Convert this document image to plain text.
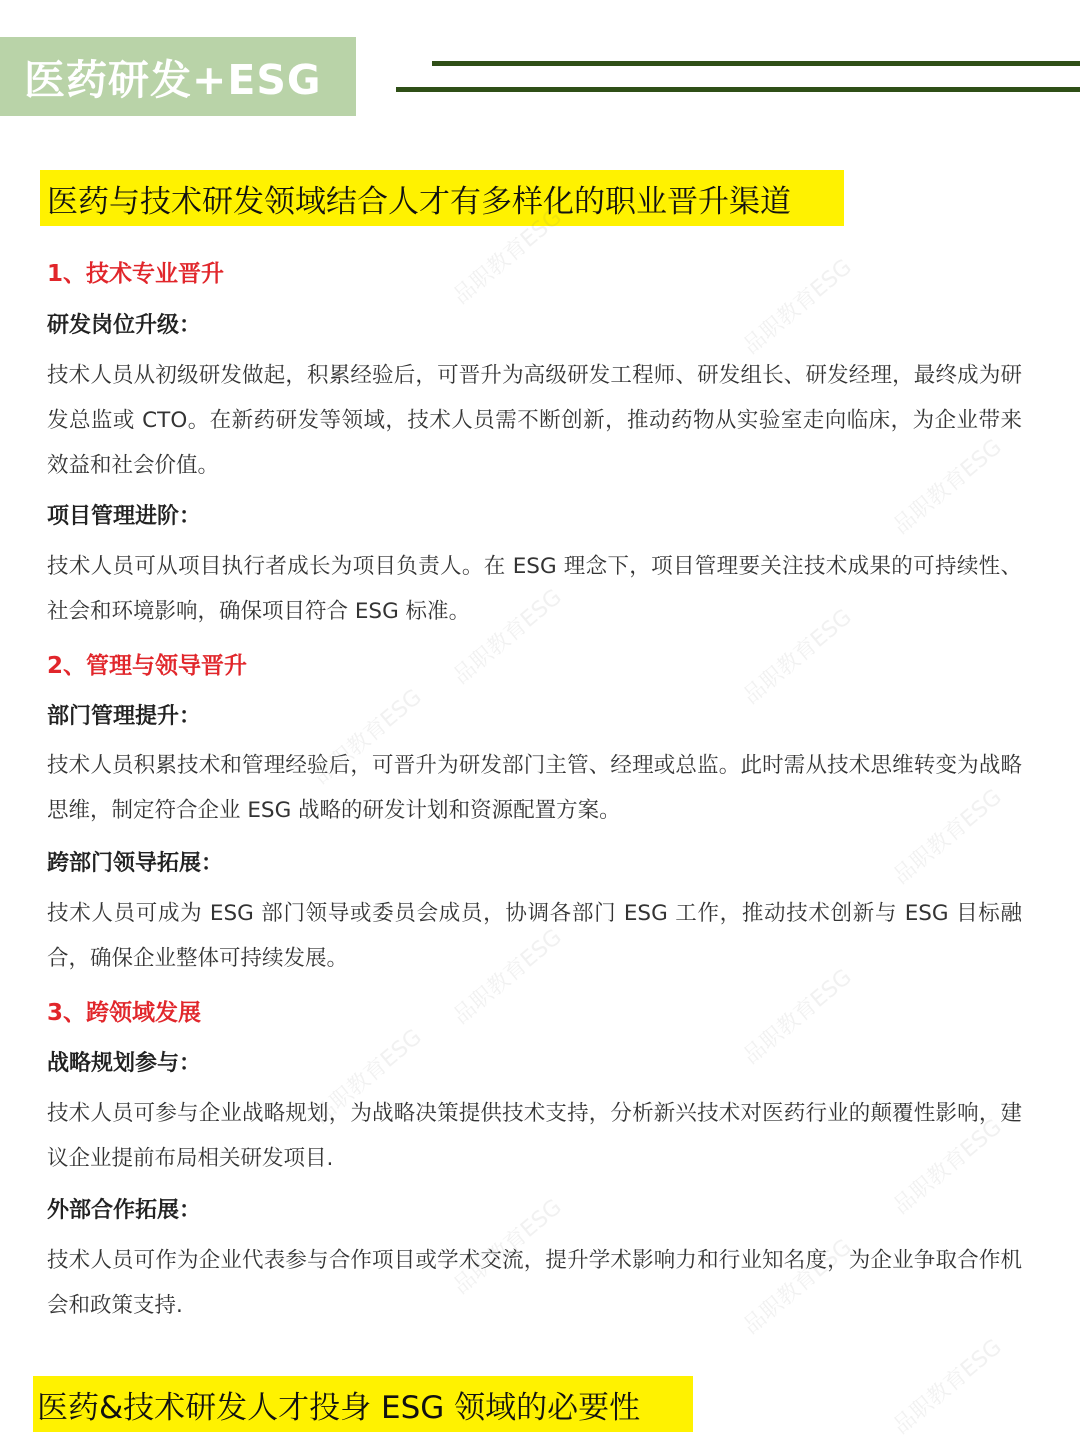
医药研发+ESG
医药与技术研发领域结合人才有多样化的职业晋升渠道
1、技术专业晋升
研发岗位升级：
技术人员从初级研发做起，积累经验后，可晋升为高级研发工程师、研发组长、研发经理，最终成为研发总监或 CTO。在新药研发等领域，技术人员需不断创新，推动药物从实验室走向临床，为企业带来效益和社会价值。
项目管理进阶：
技术人员可从项目执行者成长为项目负责人。在 ESG 理念下，项目管理要关注技术成果的可持续性、社会和环境影响，确保项目符合 ESG 标准。
2、管理与领导晋升
部门管理提升：
技术人员积累技术和管理经验后，可晋升为研发部门主管、经理或总监。此时需从技术思维转变为战略思维，制定符合企业 ESG 战略的研发计划和资源配置方案。
跨部门领导拓展：
技术人员可成为 ESG 部门领导或委员会成员，协调各部门 ESG 工作，推动技术创新与 ESG 目标融合，确保企业整体可持续发展。
3、跨领域发展
战略规划参与：
技术人员可参与企业战略规划，为战略决策提供技术支持，分析新兴技术对医药行业的颠覆性影响，建议企业提前布局相关研发项目.
外部合作拓展：
技术人员可作为企业代表参与合作项目或学术交流，提升学术影响力和行业知名度，为企业争取合作机会和政策支持.
医药&技术研发人才投身 ESG 领域的必要性
品职教育ESG	品职教育ESG
品职教育ESG
品职教育ESG	品职教育ESG
品职教育ESG
品职教育ESG
品职教育ESG	品职教育ESG
品职教育ESG
品职教育ESG
品职教育ESG	品职教育ESG
品职教育ESG
